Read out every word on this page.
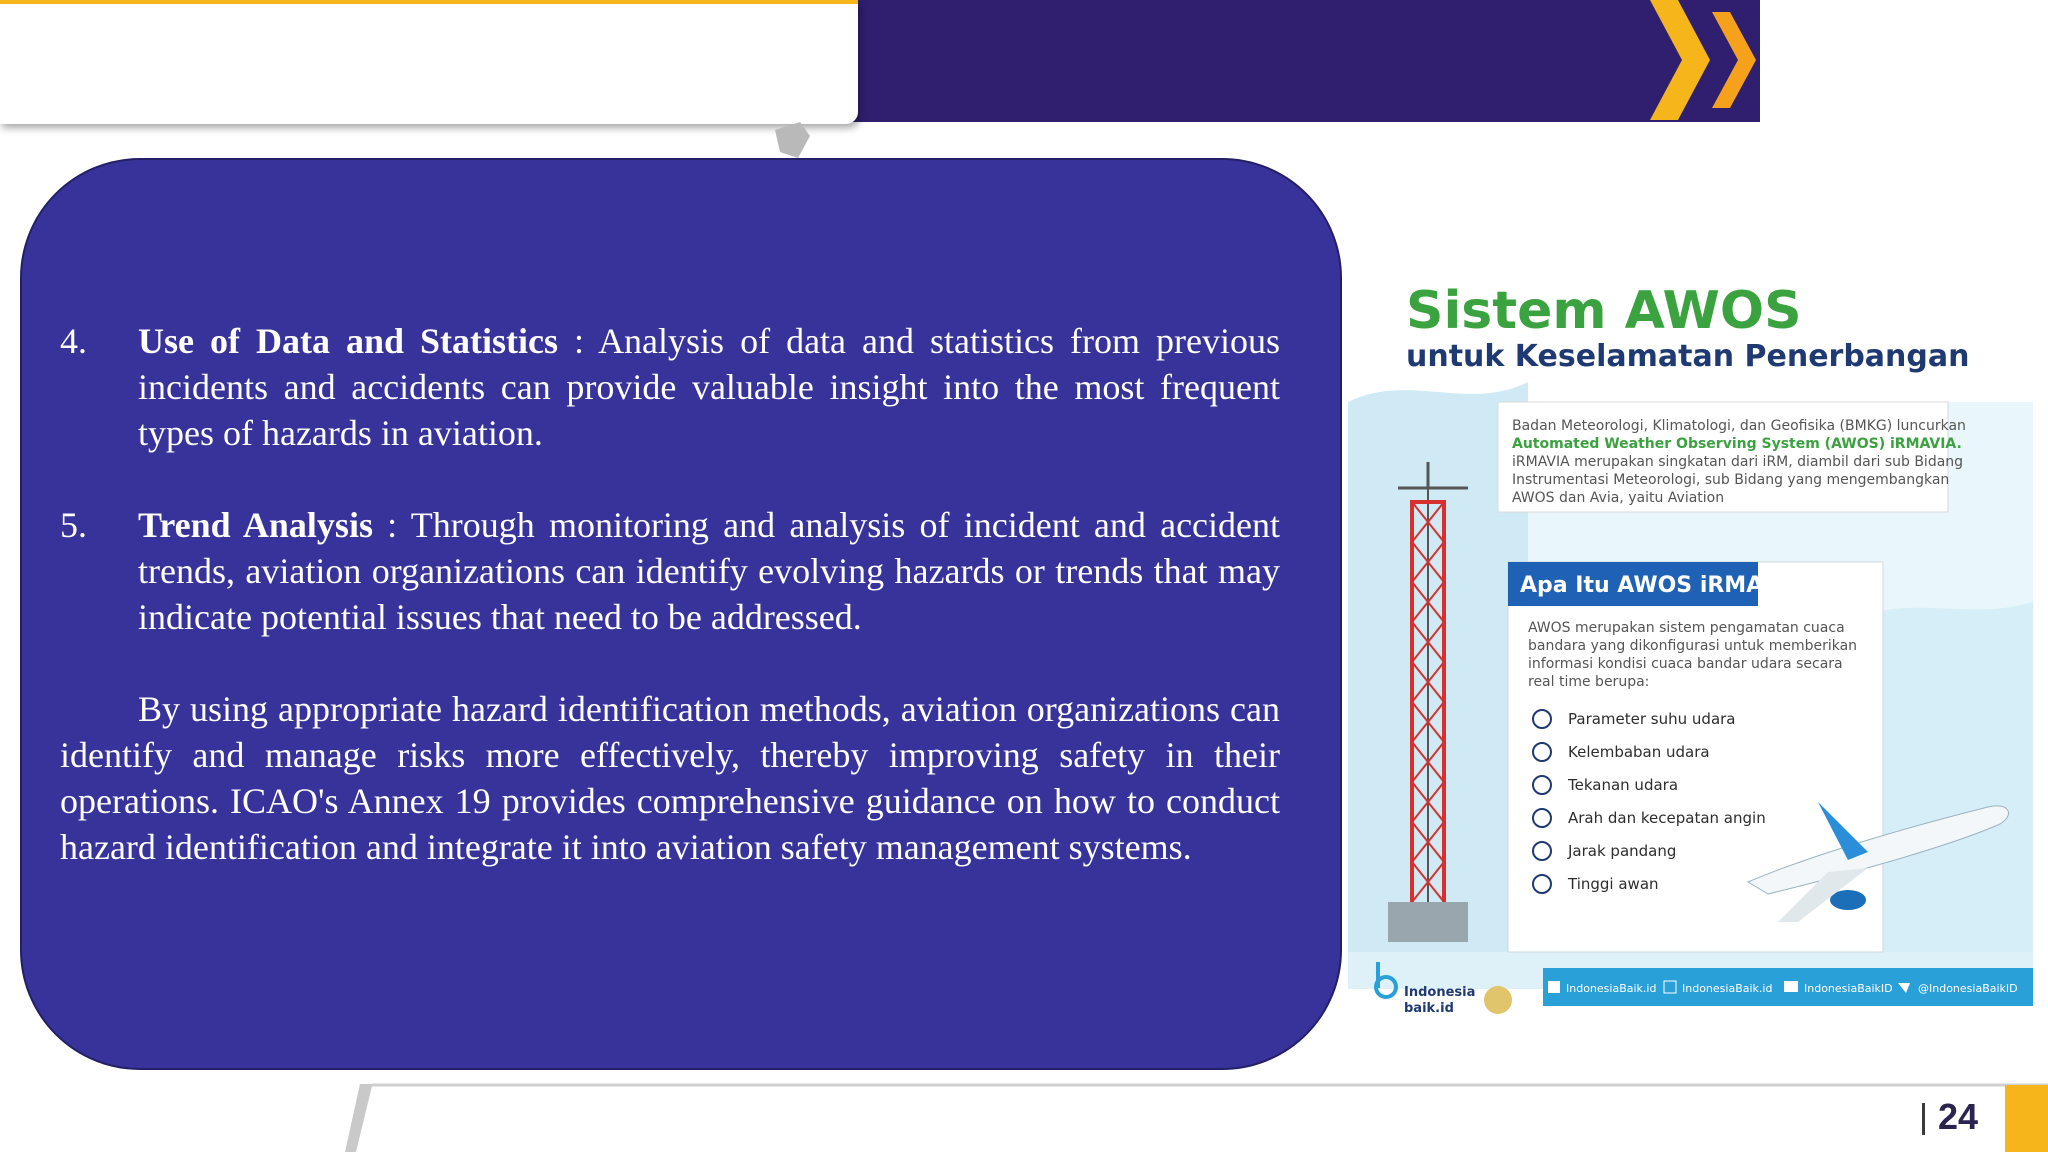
4. Use of Data and Statistics : Analysis of data and statistics from previous incidents and accidents can provide valuable insight into the most frequent types of hazards in aviation.
5. Trend Analysis : Through monitoring and analysis of incident and accident trends, aviation organizations can identify evolving hazards or trends that may indicate potential issues that need to be addressed.

By using appropriate hazard identification methods, aviation organizations can identify and manage risks more effectively, thereby improving safety in their operations. ICAO's Annex 19 provides comprehensive guidance on how to conduct hazard identification and integrate it into aviation safety management systems.

Sistem AWOS
untuk Keselamatan Penerbangan
Badan Meteorologi, Klimatologi, dan Geofisika (BMKG) luncurkan Automated Weather Observing System (AWOS) iRMAVIA. iRMAVIA merupakan singkatan dari iRM, diambil dari sub Bidang Instrumentasi Meteorologi, sub Bidang yang mengembangkan AWOS dan Avia, yaitu Aviation
Apa Itu AWOS iRMAVIA?
AWOS merupakan sistem pengamatan cuaca bandara yang dikonfigurasi untuk memberikan informasi kondisi cuaca bandar udara secara real time berupa:
Parameter suhu udara
Kelembaban udara
Tekanan udara
Arah dan kecepatan angin
Jarak pandang
Tinggi awan
Indonesia baik.id
IndonesiaBaik.id IndonesiaBaik.id	IndonesiaBaikID @IndonesiaBaikID
24
